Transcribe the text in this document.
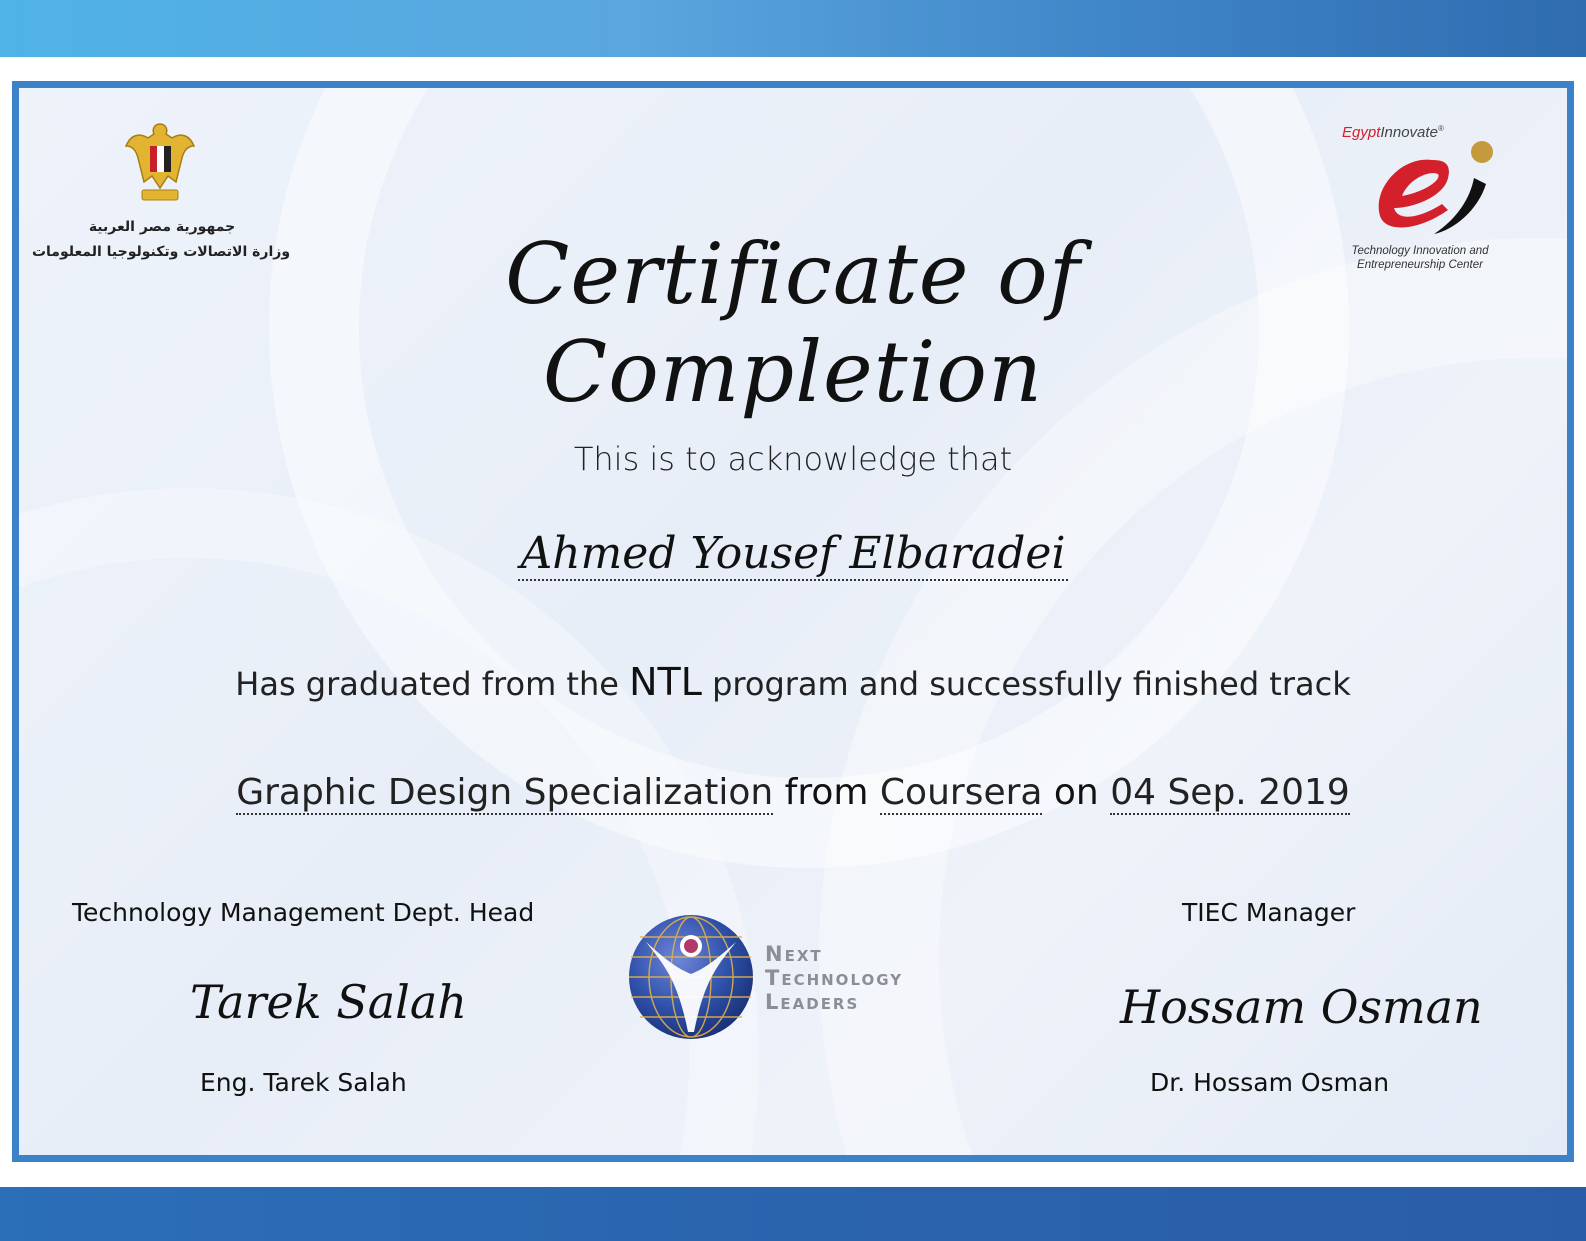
جمهورية مصر العربية
وزارة الاتصالات وتكنولوجيا المعلومات
EgyptInnovate®
Technology Innovation and
Entrepreneurship Center
Certificate of Completion
This is to acknowledge that
Ahmed Yousef Elbaradei
Has graduated from the NTL program and successfully finished track
Graphic Design Specialization from Coursera on 04 Sep. 2019
Technology Management Dept. Head
Tarek Salah
Eng. Tarek Salah
TIEC Manager
Hossam Osman
Dr. Hossam Osman
Next
Technology
Leaders
